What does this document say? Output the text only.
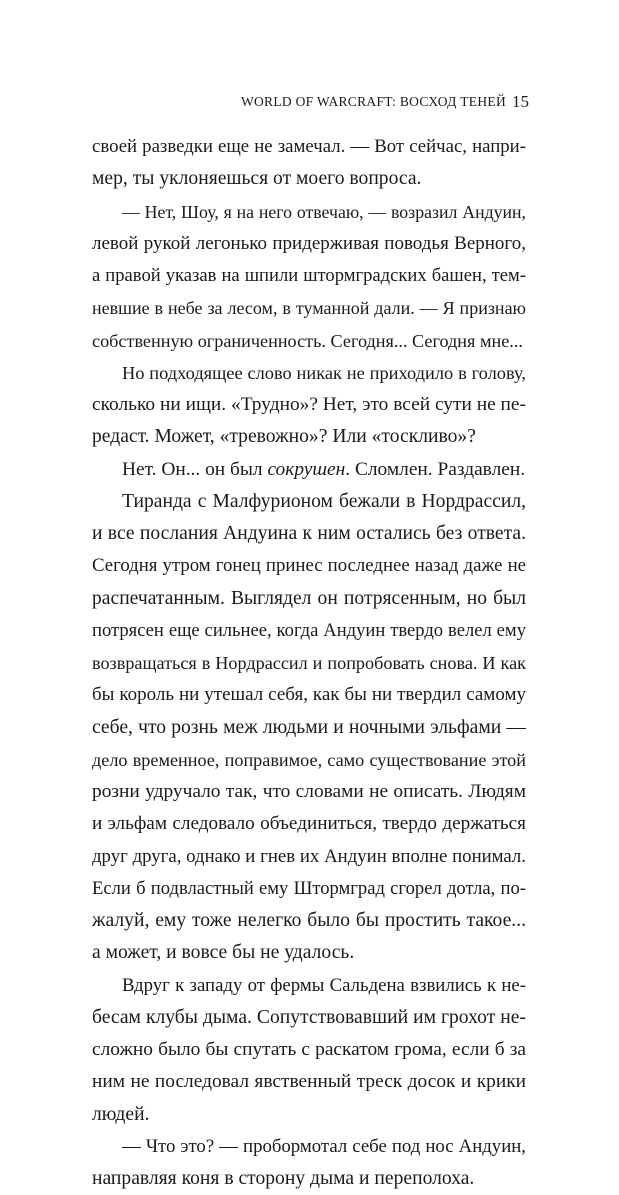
WORLD OF WARCRAFT: ВОСХОД ТЕНЕЙ 15
своей разведки еще не замечал. — Вот сейчас, напри-
мер, ты уклоняешься от моего вопроса.
— Нет, Шоу, я на него отвечаю, — возразил Андуин,
левой рукой легонько придерживая поводья Верного,
а правой указав на шпили штормградских башен, тем-
невшие в небе за лесом, в туманной дали. — Я признаю
собственную ограниченность. Сегодня... Сегодня мне...
Но подходящее слово никак не приходило в голову,
сколько ни ищи. «Трудно»? Нет, это всей сути не пе-
редаст. Может, «тревожно»? Или «тоскливо»?
Нет. Он... он был сокрушен. Сломлен. Раздавлен.
Тиранда с Малфурионом бежали в Нордрассил,
и все послания Андуина к ним остались без ответа.
Сегодня утром гонец принес последнее назад даже не
распечатанным. Выглядел он потрясенным, но был
потрясен еще сильнее, когда Андуин твердо велел ему
возвращаться в Нордрассил и попробовать снова. И как
бы король ни утешал себя, как бы ни твердил самому
себе, что рознь меж людьми и ночными эльфами —
дело временное, поправимое, само существование этой
розни удручало так, что словами не описать. Людям
и эльфам следовало объединиться, твердо держаться
друг друга, однако и гнев их Андуин вполне понимал.
Если б подвластный ему Штормград сгорел дотла, по-
жалуй, ему тоже нелегко было бы простить такое...
а может, и вовсе бы не удалось.
Вдруг к западу от фермы Сальдена взвились к не-
бесам клубы дыма. Сопутствовавший им грохот не-
сложно было бы спутать с раскатом грома, если б за
ним не последовал явственный треск досок и крики
людей.
— Что это? — пробормотал себе под нос Андуин,
направляя коня в сторону дыма и переполоха.
